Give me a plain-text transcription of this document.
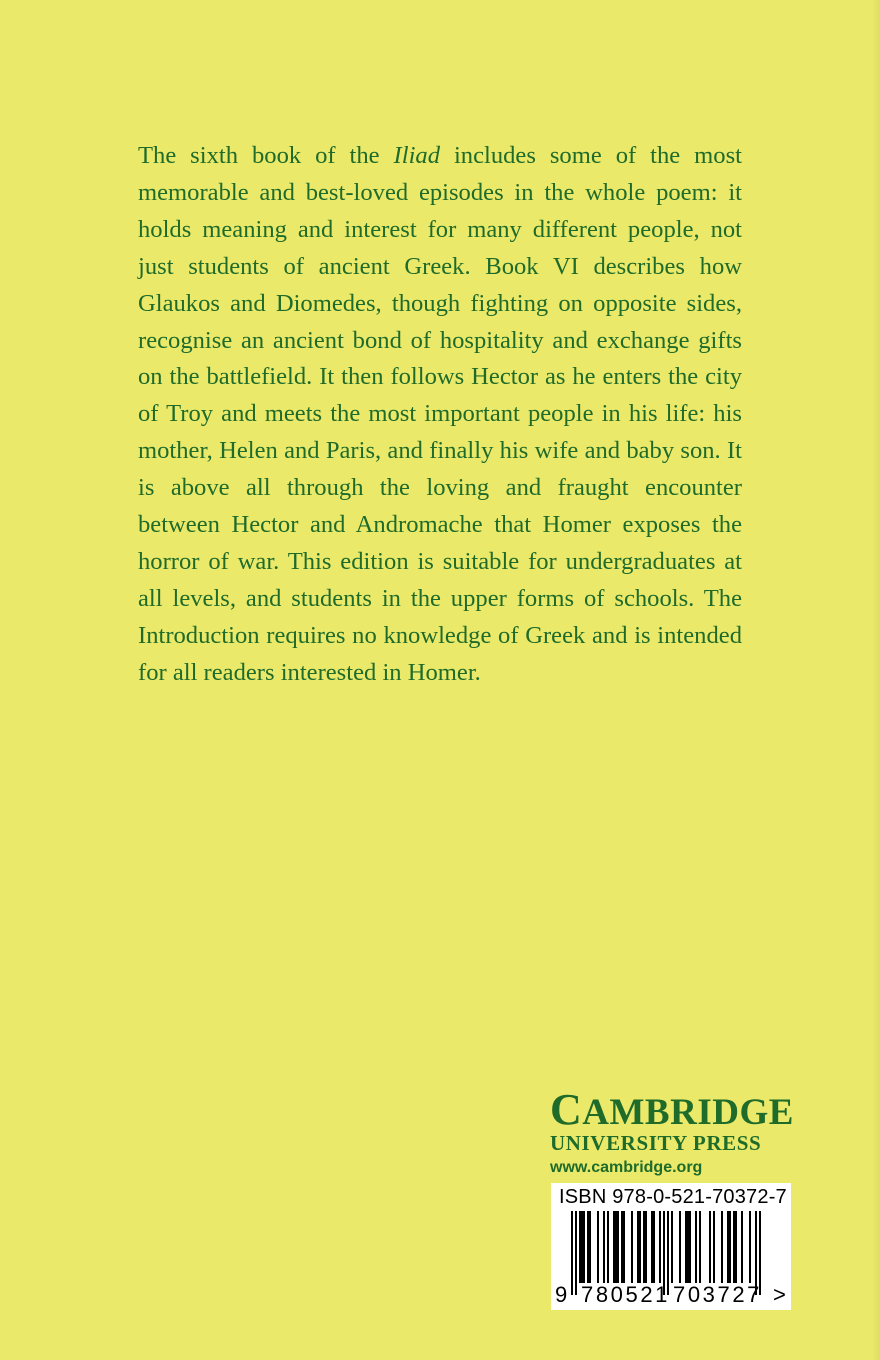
The sixth book of the Iliad includes some of the most memorable and best-loved episodes in the whole poem: it holds meaning and interest for many different people, not just students of ancient Greek. Book VI describes how Glaukos and Diomedes, though fighting on opposite sides, recognise an ancient bond of hospitality and exchange gifts on the battlefield. It then follows Hector as he enters the city of Troy and meets the most important people in his life: his mother, Helen and Paris, and finally his wife and baby son. It is above all through the loving and fraught encounter between Hector and Andromache that Homer exposes the horror of war. This edition is suitable for undergraduates at all levels, and students in the upper forms of schools. The Introduction requires no knowledge of Greek and is intended for all readers interested in Homer.

CAMBRIDGE
UNIVERSITY PRESS
www.cambridge.org
ISBN 978-0-521-70372-7
9 780521 703727 >
